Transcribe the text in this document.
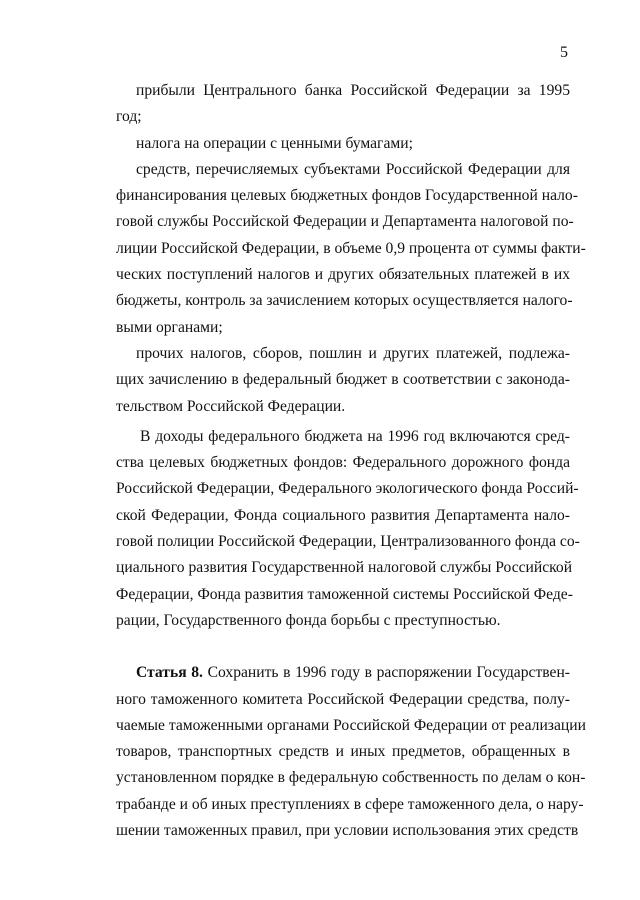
5

прибыли Центрального банка Российской Федерации за 1995
год;

налога на операции с ценными бумагами;

средств, перечисляемых субъектами Российской Федерации для
финансирования целевых бюджетных фондов Государственной нало-
говой службы Российской Федерации и Департамента налоговой по-
лиции Российской Федерации, в объеме 0,9 процента от суммы факти-
ческих поступлений налогов и других обязательных платежей в их
бюджеты, контроль за зачислением которых осуществляется налого-
выми органами;

прочих налогов, сборов, пошлин и других платежей, подлежа-
щих зачислению в федеральный бюджет в соответствии с законода-
тельством Российской Федерации.

В доходы федерального бюджета на 1996 год включаются сред-
ства целевых бюджетных фондов: Федерального дорожного фонда
Российской Федерации, Федерального экологического фонда Россий-
ской Федерации, Фонда социального развития Департамента нало-
говой полиции Российской Федерации, Централизованного фонда со-
циального развития Государственной налоговой службы Российской
Федерации, Фонда развития таможенной системы Российской Феде-
рации, Государственного фонда борьбы с преступностью.

Статья 8. Сохранить в 1996 году в распоряжении Государствен-
ного таможенного комитета Российской Федерации средства, полу-
чаемые таможенными органами Российской Федерации от реализации
товаров, транспортных средств и иных предметов, обращенных в
установленном порядке в федеральную собственность по делам о кон-
трабанде и об иных преступлениях в сфере таможенного дела, о нару-
шении таможенных правил, при условии использования этих средств
